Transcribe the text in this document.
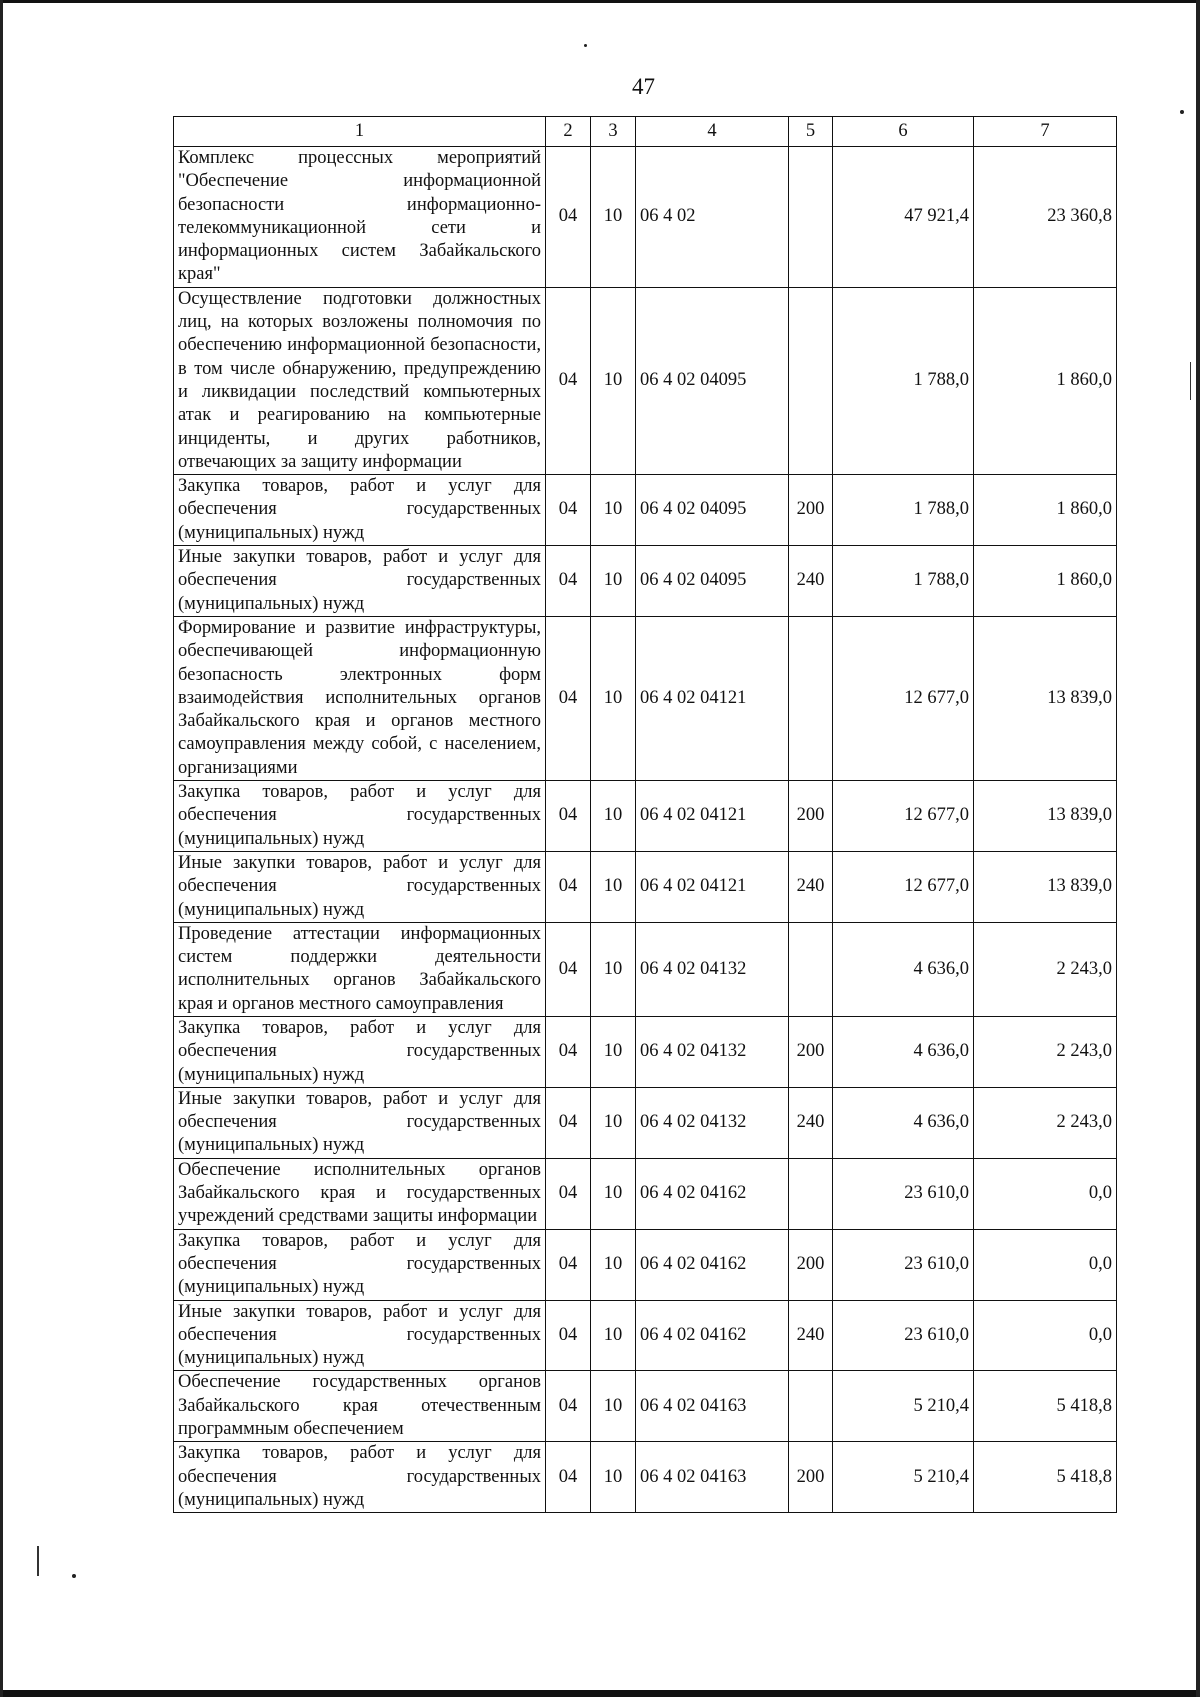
47
1	2	3	4	5	6	7
Комплекс процессных мероприятий "Обеспечение информационной безопасности информационно-телекоммуникационной сети и информационных систем Забайкальского края"	04	10	06 4 02		47 921,4	23 360,8
Осуществление подготовки должностных лиц, на которых возложены полномочия по обеспечению информационной безопасности, в том числе обнаружению, предупреждению и ликвидации последствий компьютерных атак и реагированию на компьютерные инциденты, и других работников, отвечающих за защиту информации	04	10	06 4 02 04095		1 788,0	1 860,0
Закупка товаров, работ и услуг для обеспечения государственных (муниципальных) нужд	04	10	06 4 02 04095	200	1 788,0	1 860,0
Иные закупки товаров, работ и услуг для обеспечения государственных (муниципальных) нужд	04	10	06 4 02 04095	240	1 788,0	1 860,0
Формирование и развитие инфраструктуры, обеспечивающей информационную безопасность электронных форм взаимодействия исполнительных органов Забайкальского края и органов местного самоуправления между собой, с населением, организациями	04	10	06 4 02 04121		12 677,0	13 839,0
Закупка товаров, работ и услуг для обеспечения государственных (муниципальных) нужд	04	10	06 4 02 04121	200	12 677,0	13 839,0
Иные закупки товаров, работ и услуг для обеспечения государственных (муниципальных) нужд	04	10	06 4 02 04121	240	12 677,0	13 839,0
Проведение аттестации информационных систем поддержки деятельности исполнительных органов Забайкальского края и органов местного самоуправления	04	10	06 4 02 04132		4 636,0	2 243,0
Закупка товаров, работ и услуг для обеспечения государственных (муниципальных) нужд	04	10	06 4 02 04132	200	4 636,0	2 243,0
Иные закупки товаров, работ и услуг для обеспечения государственных (муниципальных) нужд	04	10	06 4 02 04132	240	4 636,0	2 243,0
Обеспечение исполнительных органов Забайкальского края и государственных учреждений средствами защиты информации	04	10	06 4 02 04162		23 610,0	0,0
Закупка товаров, работ и услуг для обеспечения государственных (муниципальных) нужд	04	10	06 4 02 04162	200	23 610,0	0,0
Иные закупки товаров, работ и услуг для обеспечения государственных (муниципальных) нужд	04	10	06 4 02 04162	240	23 610,0	0,0
Обеспечение государственных органов Забайкальского края отечественным программным обеспечением	04	10	06 4 02 04163		5 210,4	5 418,8
Закупка товаров, работ и услуг для обеспечения государственных (муниципальных) нужд	04	10	06 4 02 04163	200	5 210,4	5 418,8
